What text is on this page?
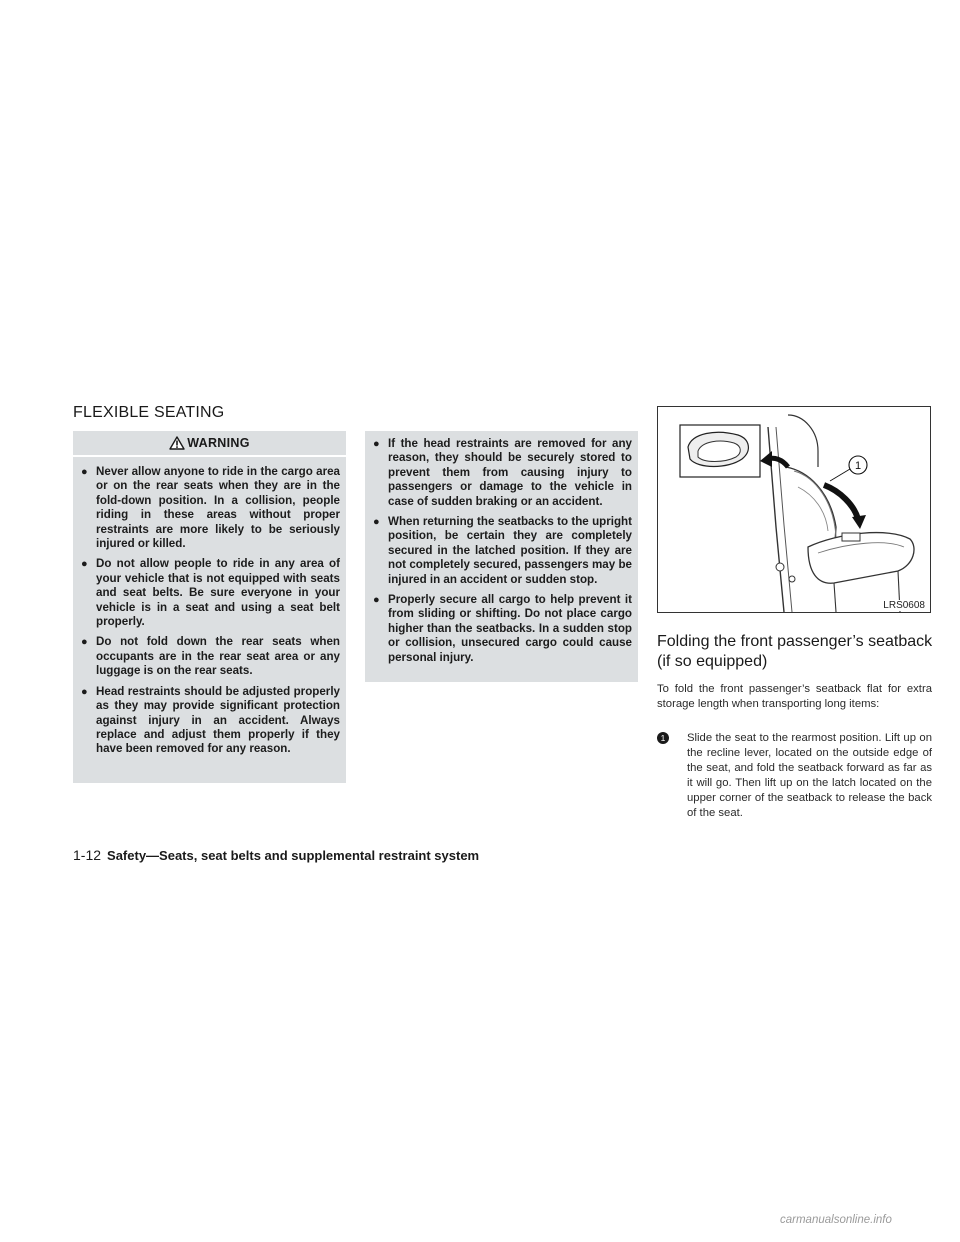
FLEXIBLE SEATING
WARNING
● Never allow anyone to ride in the cargo area or on the rear seats when they are in the fold-down position. In a collision, people riding in these areas without proper restraints are more likely to be seriously injured or killed.
● Do not allow people to ride in any area of your vehicle that is not equipped with seats and seat belts. Be sure everyone in your vehicle is in a seat and using a seat belt properly.
● Do not fold down the rear seats when occupants are in the rear seat area or any luggage is on the rear seats.
● Head restraints should be adjusted properly as they may provide significant protection against injury in an accident. Always replace and adjust them properly if they have been removed for any reason.
● If the head restraints are removed for any reason, they should be securely stored to prevent them from causing injury to passengers or damage to the vehicle in case of sudden braking or an accident.
● When returning the seatbacks to the upright position, be certain they are completely secured in the latched position. If they are not completely secured, passengers may be injured in an accident or sudden stop.
● Properly secure all cargo to help prevent it from sliding or shifting. Do not place cargo higher than the seatbacks. In a sudden stop or collision, unsecured cargo could cause personal injury.
1
LRS0608
Folding the front passenger’s seatback (if so equipped)

To fold the front passenger’s seatback flat for extra storage length when transporting long items:

1	Slide the seat to the rearmost position. Lift up on the recline lever, located on the outside edge of the seat, and fold the seatback forward as far as it will go. Then lift up on the latch located on the upper corner of the seatback to release the back of the seat.
1-12 Safety—Seats, seat belts and supplemental restraint system
carmanualsonline.info
